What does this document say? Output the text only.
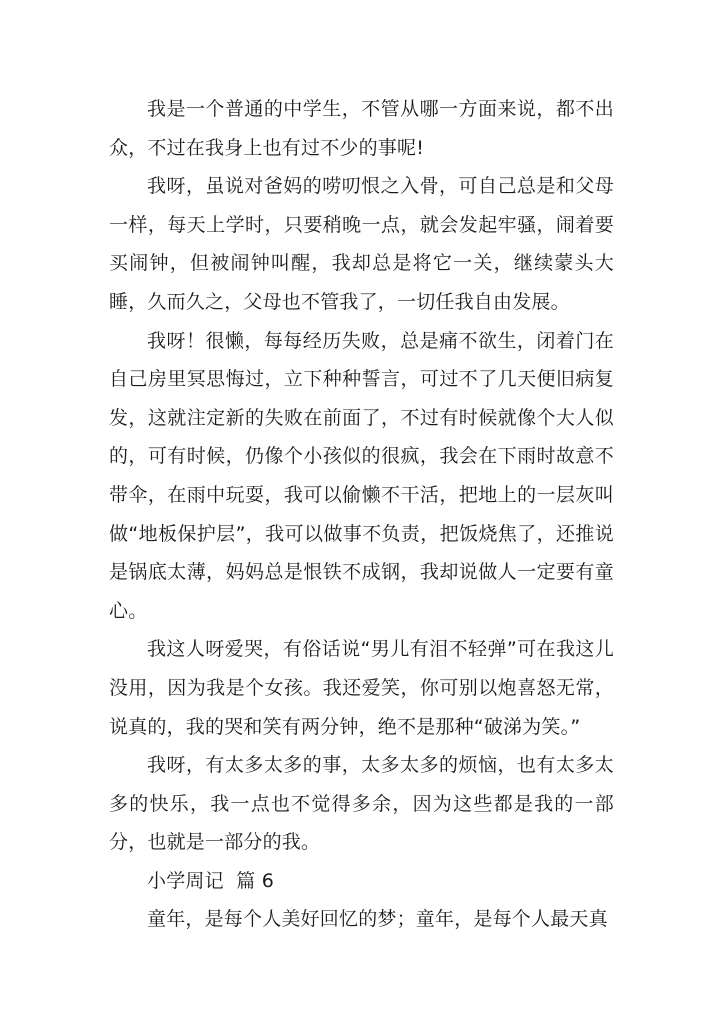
我是一个普通的中学生，不管从哪一方面来说，都不出众，不过在我身上也有过不少的事呢!

我呀，虽说对爸妈的唠叨恨之入骨，可自己总是和父母一样，每天上学时，只要稍晚一点，就会发起牢骚，闹着要买闹钟，但被闹钟叫醒，我却总是将它一关，继续蒙头大睡，久而久之，父母也不管我了，一切任我自由发展。

我呀！很懒，每每经历失败，总是痛不欲生，闭着门在自己房里冥思悔过，立下种种誓言，可过不了几天便旧病复发，这就注定新的失败在前面了，不过有时候就像个大人似的，可有时候，仍像个小孩似的很疯，我会在下雨时故意不带伞，在雨中玩耍，我可以偷懒不干活，把地上的一层灰叫做“地板保护层”，我可以做事不负责，把饭烧焦了，还推说是锅底太薄，妈妈总是恨铁不成钢，我却说做人一定要有童心。

我这人呀爱哭，有俗话说“男儿有泪不轻弹”可在我这儿没用，因为我是个女孩。我还爱笑，你可别以炮喜怒无常，说真的，我的哭和笑有两分钟，绝不是那种“破涕为笑。”

我呀，有太多太多的事，太多太多的烦恼，也有太多太多的快乐，我一点也不觉得多余，因为这些都是我的一部分，也就是一部分的我。

小学周记  篇 6

童年，是每个人美好回忆的梦；童年，是每个人最天真
